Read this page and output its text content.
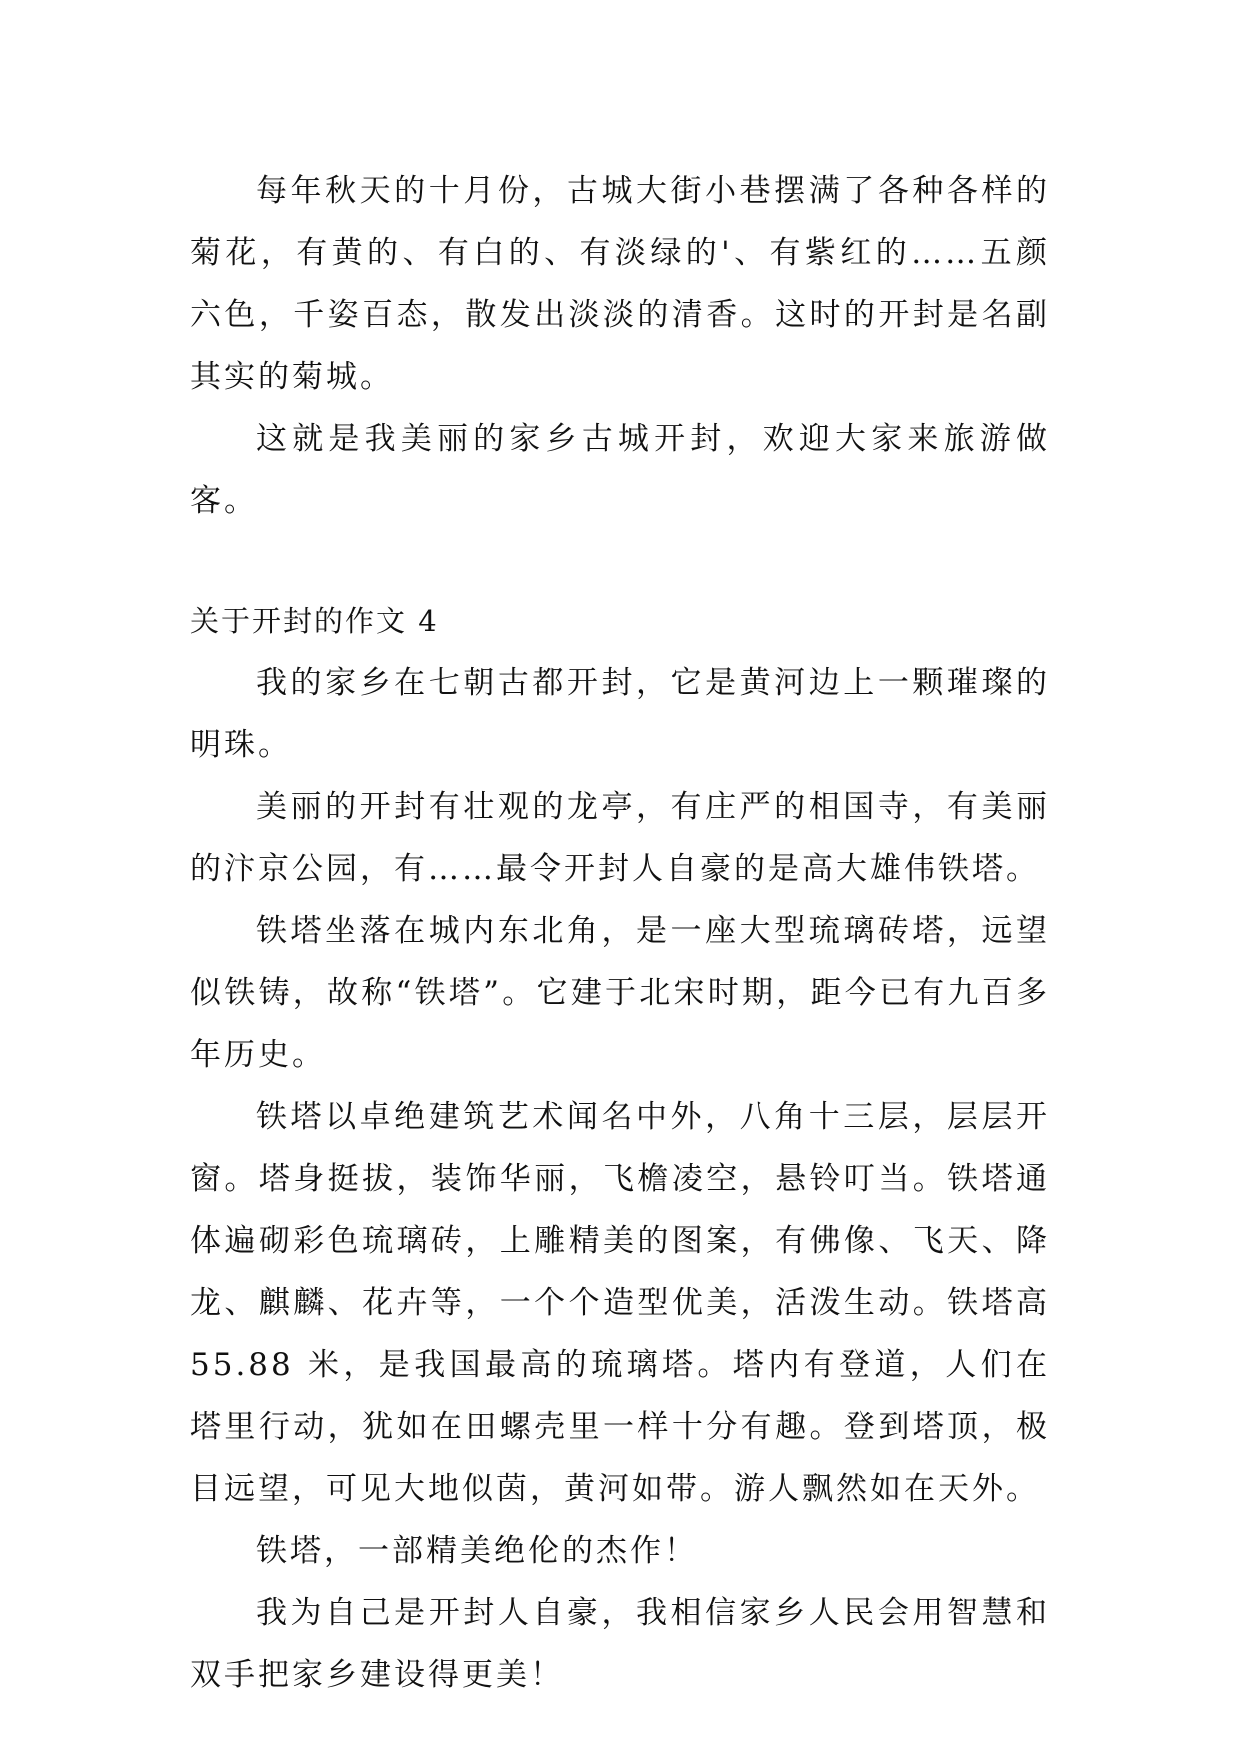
每年秋天的十月份，古城大街小巷摆满了各种各样的菊花，有黄的、有白的、有淡绿的'、有紫红的……五颜六色，千姿百态，散发出淡淡的清香。这时的开封是名副其实的菊城。

这就是我美丽的家乡古城开封，欢迎大家来旅游做客。

关于开封的作文 4

我的家乡在七朝古都开封，它是黄河边上一颗璀璨的明珠。

美丽的开封有壮观的龙亭，有庄严的相国寺，有美丽的汴京公园，有……最令开封人自豪的是高大雄伟铁塔。

铁塔坐落在城内东北角，是一座大型琉璃砖塔，远望似铁铸，故称“铁塔”。它建于北宋时期，距今已有九百多年历史。

铁塔以卓绝建筑艺术闻名中外，八角十三层，层层开窗。塔身挺拔，装饰华丽，飞檐凌空，悬铃叮当。铁塔通体遍砌彩色琉璃砖，上雕精美的图案，有佛像、飞天、降龙、麒麟、花卉等，一个个造型优美，活泼生动。铁塔高 55.88 米，是我国最高的琉璃塔。塔内有登道，人们在塔里行动，犹如在田螺壳里一样十分有趣。登到塔顶，极目远望，可见大地似茵，黄河如带。游人飘然如在天外。

铁塔，一部精美绝伦的杰作！

我为自己是开封人自豪，我相信家乡人民会用智慧和双手把家乡建设得更美！
